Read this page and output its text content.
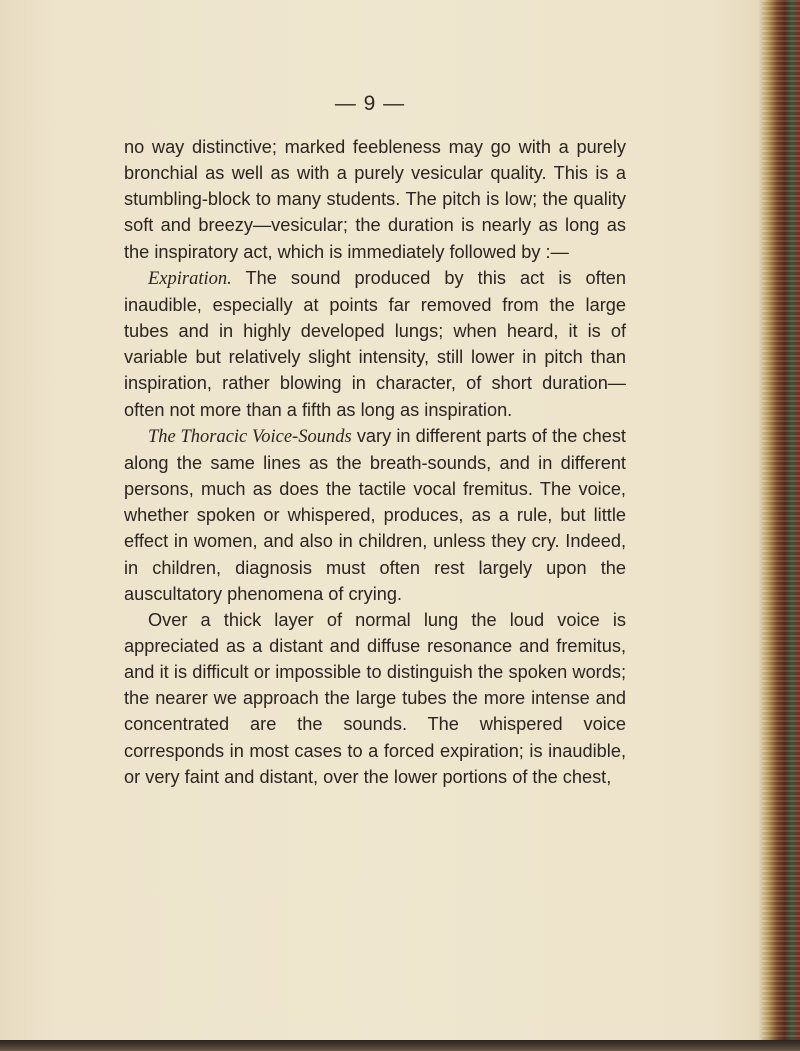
— 9 —

no way distinctive; marked feebleness may go with a purely bronchial as well as with a purely vesicular quality. This is a stumbling-block to many students. The pitch is low; the quality soft and breezy—vesicular; the duration is nearly as long as the inspiratory act, which is immediately followed by :—

Expiration. The sound produced by this act is often inaudible, especially at points far removed from the large tubes and in highly developed lungs; when heard, it is of variable but relatively slight intensity, still lower in pitch than inspiration, rather blowing in character, of short duration—often not more than a fifth as long as inspiration.

The Thoracic Voice-Sounds vary in different parts of the chest along the same lines as the breath-sounds, and in different persons, much as does the tactile vocal fremitus. The voice, whether spoken or whispered, produces, as a rule, but little effect in women, and also in children, unless they cry. Indeed, in children, diagnosis must often rest largely upon the auscultatory phenomena of crying.

Over a thick layer of normal lung the loud voice is appreciated as a distant and diffuse resonance and fremitus, and it is difficult or impossible to distinguish the spoken words; the nearer we approach the large tubes the more intense and concentrated are the sounds. The whispered voice corresponds in most cases to a forced expiration; is inaudible, or very faint and distant, over the lower portions of the chest,
